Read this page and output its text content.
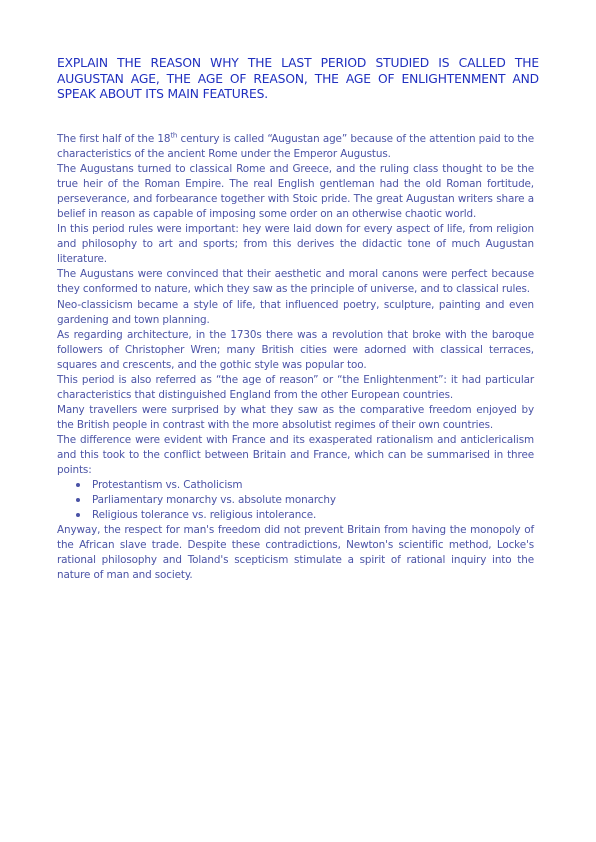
EXPLAIN THE REASON WHY THE LAST PERIOD STUDIED IS CALLED THE AUGUSTAN AGE, THE AGE OF REASON, THE AGE OF ENLIGHTENMENT AND SPEAK ABOUT ITS MAIN FEATURES.

The first half of the 18th century is called “Augustan age” because of the attention paid to the characteristics of the ancient Rome under the Emperor Augustus.

The Augustans turned to classical Rome and Greece, and the ruling class thought to be the true heir of the Roman Empire. The real English gentleman had the old Roman fortitude, perseverance, and forbearance together with Stoic pride. The great Augustan writers share a belief in reason as capable of imposing some order on an otherwise chaotic world.

In this period rules were important: hey were laid down for every aspect of life, from religion and philosophy to art and sports; from this derives the didactic tone of much Augustan literature.

The Augustans were convinced that their aesthetic and moral canons were perfect because they conformed to nature, which they saw as the principle of universe, and to classical rules.

Neo-classicism became a style of life, that influenced poetry, sculpture, painting and even gardening and town planning.

As regarding architecture, in the 1730s there was a revolution that broke with the baroque followers of Christopher Wren; many British cities were adorned with classical terraces, squares and crescents, and the gothic style was popular too.

This period is also referred as “the age of reason” or “the Enlightenment”: it had particular characteristics that distinguished England from the other European countries.

Many travellers were surprised by what they saw as the comparative freedom enjoyed by the British people in contrast with the more absolutist regimes of their own countries.

The difference were evident with France and its exasperated rationalism and anticlericalism and this took to the conflict between Britain and France, which can be summarised in three points:

Protestantism vs. Catholicism
Parliamentary monarchy vs. absolute monarchy
Religious tolerance vs. religious intolerance.

Anyway, the respect for man's freedom did not prevent Britain from having the monopoly of the African slave trade. Despite these contradictions, Newton's scientific method, Locke's rational philosophy and Toland's scepticism stimulate a spirit of rational inquiry into the nature of man and society.
